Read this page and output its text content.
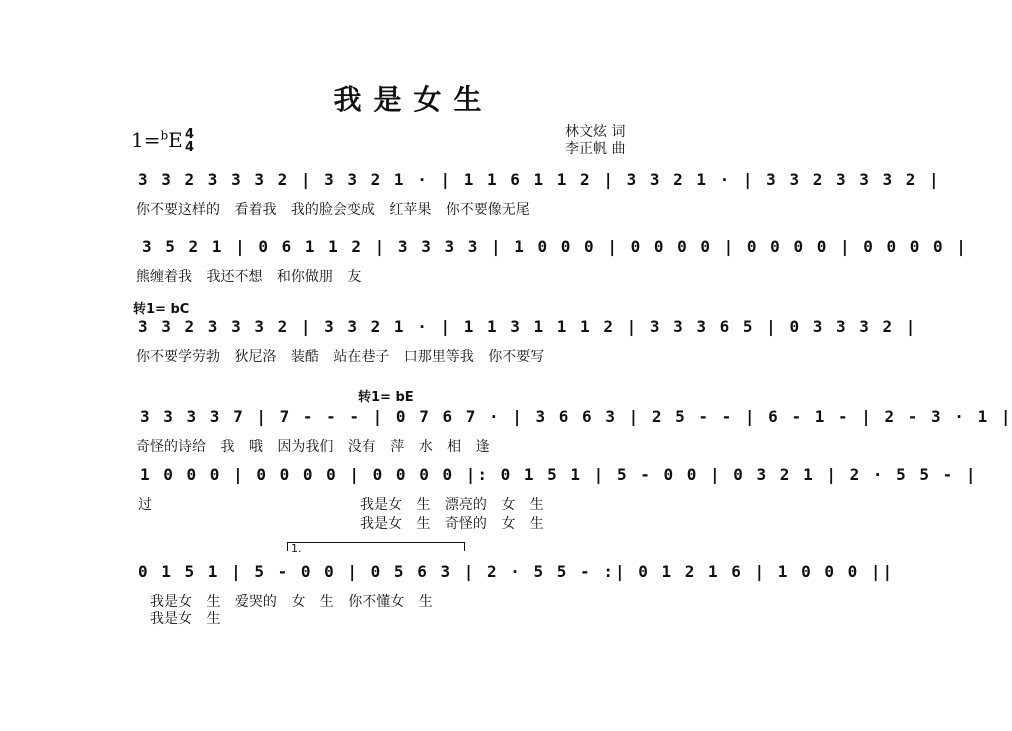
我是女生
1=$^b$E 4
4
林文炫 词
李正帆 曲
3 3 2 3 3 3 2 | 3 3 2 1 · | 1 1 6 1 1 2 | 3 3 2 1 · | 3 3 2 3 3 3 2 |
你不要这样的 看着我 我的脸会变成 红苹果 你不要像无尾
3 5 2 1 | 0 6 1 1 2 | 3 3 3 3 | 1 0 0 0 | 0 0 0 0 | 0 0 0 0 | 0 0 0 0 |
熊缠着我 我还不想 和你做朋 友
转1= bC
3 3 2 3 3 3 2 | 3 3 2 1 · | 1 1 3 1 1 1 2 | 3 3 3 6 5 | 0 3 3 3 2 |
你不要学劳勃 狄尼洛 装酷 站在巷子 口那里等我 你不要写
转1= bE
3 3 3 3 7 | 7 - - - | 0 7 6 7 · | 3 6 6 3 | 2 5 - - | 6 - 1 - | 2 - 3 · 1 |
奇怪的诗给 我 哦 因为我们 没有 萍 水 相 逢
1 0 0 0 | 0 0 0 0 | 0 0 0 0 |: 0 1 5 1 | 5 - 0 0 | 0 3 2 1 | 2 · 5 5 - |
过	我是女 生 漂亮的 女 生
我是女 生 奇怪的 女 生
1.
0 1 5 1 | 5 - 0 0 | 0 5 6 3 | 2 · 5 5 - :| 0 1 2 1 6 | 1 0 0 0 ||
我是女 生 爱哭的 女 生 你不懂女 生
我是女 生
